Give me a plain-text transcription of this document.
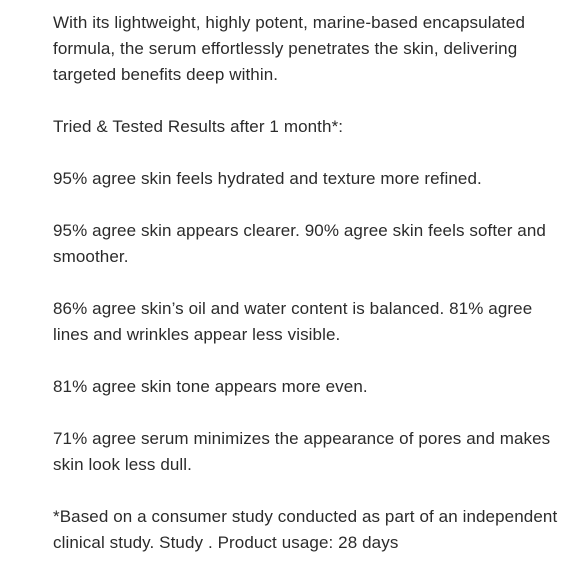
With its lightweight, highly potent, marine-based encapsulated formula, the serum effortlessly penetrates the skin, delivering targeted benefits deep within.

Tried & Tested Results after 1 month*:

95% agree skin feels hydrated and texture more refined.

95% agree skin appears clearer. 90% agree skin feels softer and smoother.

86% agree skin’s oil and water content is balanced. 81% agree lines and wrinkles appear less visible.

81% agree skin tone appears more even.

71% agree serum minimizes the appearance of pores and makes skin look less dull.

*Based on a consumer study conducted as part of an independent clinical study. Study . Product usage: 28 days
